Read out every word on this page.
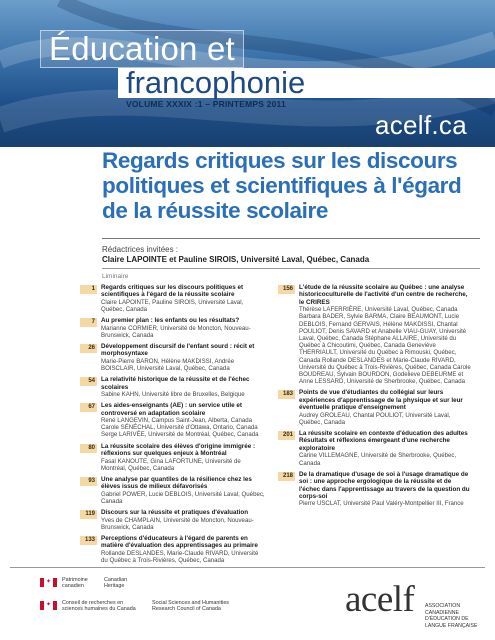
Éducation et
francophonie
VOLUME XXXIX :1 – PRINTEMPS 2011
acelf.ca
Regards critiques sur les discours politiques et scientifiques à l'égard de la réussite scolaire
Rédactrices invitées :
Claire LAPOINTE et Pauline SIROIS, Université Laval, Québec, Canada
Liminaire
1 Regards critiques sur les discours politiques et scientifiques à l'égard de la réussite scolaire
Claire LAPOINTE, Pauline SIROIS, Université Laval, Québec, Canada
7 Au premier plan : les enfants ou les résultats?
Marianne CORMIER, Université de Moncton, Nouveau-Brunswick, Canada
26 Développement discursif de l'enfant sourd : récit et morphosyntaxe
Marie-Pierre BARON, Hélène MAKDISSI, Andrée BOISCLAIR, Université Laval, Québec, Canada
54 La relativité historique de la réussite et de l'échec scolaires
Sabine KAHN, Université libre de Bruxelles, Belgique
67 Les aides-enseignants (AE) : un service utile et controversé en adaptation scolaire
René LANGEVIN, Campus Saint-Jean, Alberta, Canada Carole SÉNÉCHAL, Université d'Ottawa, Ontario, Canada Serge LARIVÉE, Université de Montréal, Québec, Canada
80 La réussite scolaire des élèves d'origine immigrée : réflexions sur quelques enjeux à Montréal
Fasal KANOUTE, Gina LAFORTUNE, Université de Montréal, Québec, Canada
93 Une analyse par quantiles de la résilience chez les élèves issus de milieux défavorisés
Gabriel POWER, Lucie DEBLOIS, Université Laval, Québec, Canada
119 Discours sur la réussite et pratiques d'évaluation
Yves de CHAMPLAIN, Université de Moncton, Nouveau-Brunswick, Canada
133 Perceptions d'éducateurs à l'égard de parents en matière d'évaluation des apprentissages au primaire
Rollande DESLANDES, Marie-Claude RIVARD, Université du Québec à Trois-Rivières, Québec, Canada
156 L'étude de la réussite scolaire au Québec : une analyse historicoculturelle de l'activité d'un centre de recherche, le CRIRES
Thérèse LAFERRIÈRE, Université Laval, Québec, Canada Barbara BADER, Sylvie BARMA, Claire BEAUMONT, Lucie DEBLOIS, Fernand GERVAIS, Hélène MAKDISSI, Chantal POULIOT, Denis SAVARD et Anabelle VIAU-GUAY, Université Laval, Québec, Canada Stéphane ALLAIRE, Université du Québec à Chicoutimi, Québec, Canada Geneviève THERRIAULT, Université du Québec à Rimouski, Québec, Canada Rollande DESLANDES et Marie-Claude RIVARD, Université du Québec à Trois-Rivières, Québec, Canada Carole BOUDREAU, Sylvain BOURDON, Godelieve DEBEURME et Anne LESSARD, Université de Sherbrooke, Québec, Canada
183 Points de vue d'étudiantes du collégial sur leurs expériences d'apprentissage de la physique et sur leur éventuelle pratique d'enseignement
Audrey GROLEAU, Chantal POULIOT, Université Laval, Québec, Canada
201 La réussite scolaire en contexte d'éducation des adultes Résultats et réflexions émergeant d'une recherche exploratoire
Carine VILLEMAGNE, Université de Sherbrooke, Québec, Canada
218 De la dramatique d'usage de soi à l'usage dramatique de soi : une approche ergologique de la réussite et de l'échec dans l'apprentissage au travers de la question du corps-soi
Pierre USCLAT, Université Paul Valéry-Montpellier III, France
✦ Patrimoine canadien
Canadian Heritage
✦ Conseil de recherches en sciences humaines du Canada
Social Sciences and Humanities Research Council of Canada	acelf ASSOCIATION CANADIENNE D'ÉDUCATION DE LANGUE FRANÇAISE
